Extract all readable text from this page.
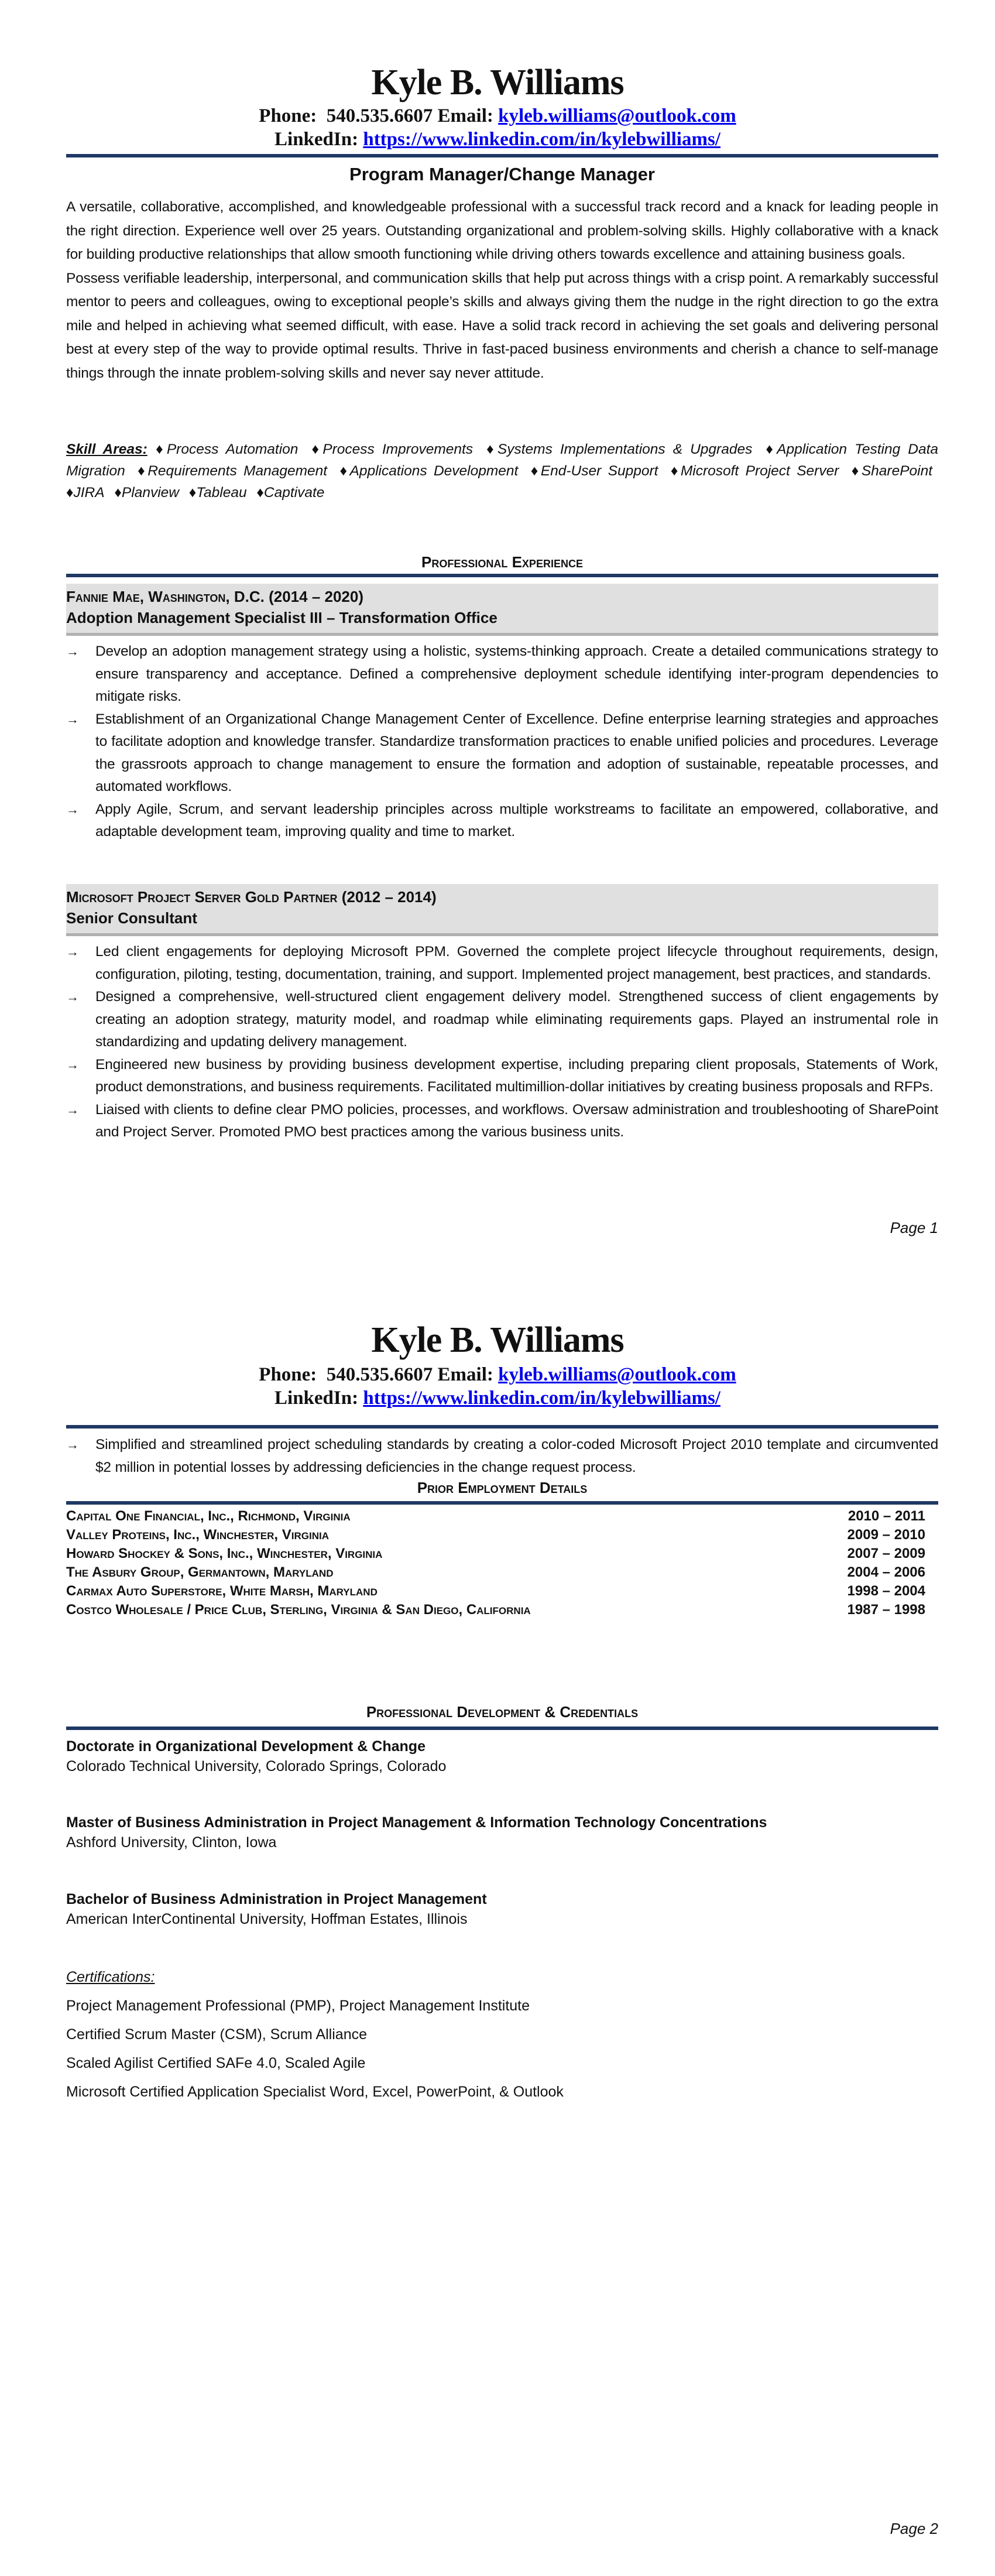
Kyle B. Williams
Phone: 540.535.6607 Email: kyleb.williams@outlook.com
LinkedIn: https://www.linkedin.com/in/kylebwilliams/
Program Manager/Change Manager

A versatile, collaborative, accomplished, and knowledgeable professional with a successful track record and a knack for leading people in the right direction. Experience well over 25 years. Outstanding organizational and problem-solving skills. Highly collaborative with a knack for building productive relationships that allow smooth functioning while driving others towards excellence and attaining business goals.

Possess verifiable leadership, interpersonal, and communication skills that help put across things with a crisp point. A remarkably successful mentor to peers and colleagues, owing to exceptional people’s skills and always giving them the nudge in the right direction to go the extra mile and helped in achieving what seemed difficult, with ease. Have a solid track record in achieving the set goals and delivering personal best at every step of the way to provide optimal results. Thrive in fast-paced business environments and cherish a chance to self-manage things through the innate problem-solving skills and never say never attitude.

Skill Areas: ♦Process Automation ♦Process Improvements ♦Systems Implementations & Upgrades ♦Application Testing Data Migration ♦Requirements Management ♦Applications Development ♦End-User Support ♦Microsoft Project Server ♦SharePoint ♦JIRA ♦Planview ♦Tableau ♦Captivate
Professional Experience
Fannie Mae, Washington, D.C. (2014 – 2020)
Adoption Management Specialist III – Transformation Office
→	Develop an adoption management strategy using a holistic, systems-thinking approach. Create a detailed communications strategy to ensure transparency and acceptance. Defined a comprehensive deployment schedule identifying inter-program dependencies to mitigate risks.
→	Establishment of an Organizational Change Management Center of Excellence. Define enterprise learning strategies and approaches to facilitate adoption and knowledge transfer. Standardize transformation practices to enable unified policies and procedures. Leverage the grassroots approach to change management to ensure the formation and adoption of sustainable, repeatable processes, and automated workflows.
→	Apply Agile, Scrum, and servant leadership principles across multiple workstreams to facilitate an empowered, collaborative, and adaptable development team, improving quality and time to market.
Microsoft Project Server Gold Partner (2012 – 2014)
Senior Consultant
→	Led client engagements for deploying Microsoft PPM. Governed the complete project lifecycle throughout requirements, design, configuration, piloting, testing, documentation, training, and support. Implemented project management, best practices, and standards.
→	Designed a comprehensive, well-structured client engagement delivery model. Strengthened success of client engagements by creating an adoption strategy, maturity model, and roadmap while eliminating requirements gaps. Played an instrumental role in standardizing and updating delivery management.
→	Engineered new business by providing business development expertise, including preparing client proposals, Statements of Work, product demonstrations, and business requirements. Facilitated multimillion-dollar initiatives by creating business proposals and RFPs.
→	Liaised with clients to define clear PMO policies, processes, and workflows. Oversaw administration and troubleshooting of SharePoint and Project Server. Promoted PMO best practices among the various business units.
Page 1
Kyle B. Williams
Phone: 540.535.6607 Email: kyleb.williams@outlook.com
LinkedIn: https://www.linkedin.com/in/kylebwilliams/
→	Simplified and streamlined project scheduling standards by creating a color-coded Microsoft Project 2010 template and circumvented $2 million in potential losses by addressing deficiencies in the change request process.
Prior Employment Details
Capital One Financial, Inc., Richmond, Virginia	2010 – 2011
Valley Proteins, Inc., Winchester, Virginia	2009 – 2010
Howard Shockey & Sons, Inc., Winchester, Virginia	2007 – 2009
The Asbury Group, Germantown, Maryland	2004 – 2006
Carmax Auto Superstore, White Marsh, Maryland	1998 – 2004
Costco Wholesale / Price Club, Sterling, Virginia & San Diego, California	1987 – 1998
Professional Development & Credentials
Doctorate in Organizational Development & Change
Colorado Technical University, Colorado Springs, Colorado
Master of Business Administration in Project Management & Information Technology Concentrations
Ashford University, Clinton, Iowa
Bachelor of Business Administration in Project Management
American InterContinental University, Hoffman Estates, Illinois
Certifications:
Project Management Professional (PMP), Project Management Institute
Certified Scrum Master (CSM), Scrum Alliance
Scaled Agilist Certified SAFe 4.0, Scaled Agile
Microsoft Certified Application Specialist Word, Excel, PowerPoint, & Outlook
Page 2
